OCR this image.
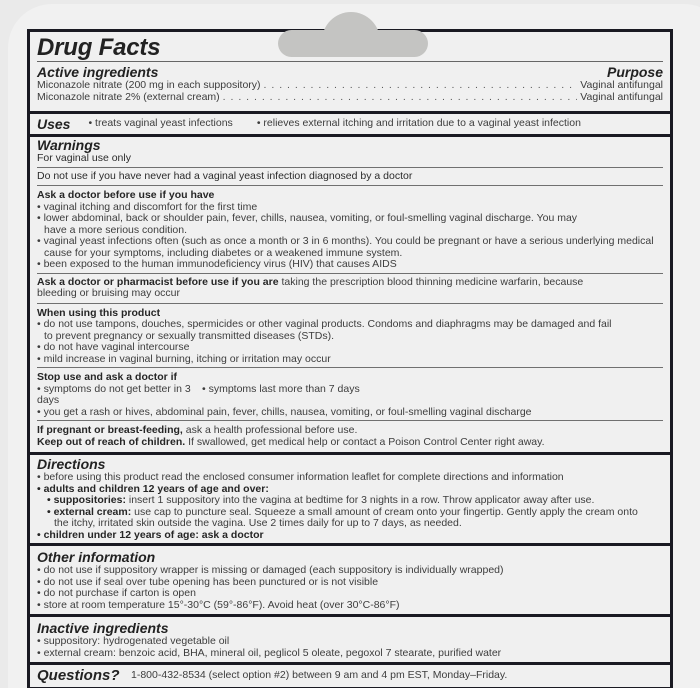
Drug Facts
Active ingredients	Purpose
Miconazole nitrate (200 mg in each suppository) . . .	Vaginal antifungal
Miconazole nitrate 2% (external cream) . . .	Vaginal antifungal
Uses • treats vaginal yeast infections • relieves external itching and irritation due to a vaginal yeast infection
Warnings
For vaginal use only
Do not use if you have never had a vaginal yeast infection diagnosed by a doctor
Ask a doctor before use if you have
• vaginal itching and discomfort for the first time
• lower abdominal, back or shoulder pain, fever, chills, nausea, vomiting, or foul-smelling vaginal discharge. You may have a more serious condition.
• vaginal yeast infections often (such as once a month or 3 in 6 months). You could be pregnant or have a serious underlying medical cause for your symptoms, including diabetes or a weakened immune system.
• been exposed to the human immunodeficiency virus (HIV) that causes AIDS
Ask a doctor or pharmacist before use if you are taking the prescription blood thinning medicine warfarin, because bleeding or bruising may occur
When using this product
• do not use tampons, douches, spermicides or other vaginal products. Condoms and diaphragms may be damaged and fail to prevent pregnancy or sexually transmitted diseases (STDs).
• do not have vaginal intercourse
• mild increase in vaginal burning, itching or irritation may occur
Stop use and ask a doctor if
• symptoms do not get better in 3 days
• symptoms last more than 7 days
• you get a rash or hives, abdominal pain, fever, chills, nausea, vomiting, or foul-smelling vaginal discharge
If pregnant or breast-feeding, ask a health professional before use.
Keep out of reach of children. If swallowed, get medical help or contact a Poison Control Center right away.
Directions
• before using this product read the enclosed consumer information leaflet for complete directions and information
• adults and children 12 years of age and over:
• suppositories: insert 1 suppository into the vagina at bedtime for 3 nights in a row. Throw applicator away after use.
• external cream: use cap to puncture seal. Squeeze a small amount of cream onto your fingertip. Gently apply the cream onto the itchy, irritated skin outside the vagina. Use 2 times daily for up to 7 days, as needed.
• children under 12 years of age: ask a doctor
Other information
• do not use if suppository wrapper is missing or damaged (each suppository is individually wrapped)
• do not use if seal over tube opening has been punctured or is not visible
• do not purchase if carton is open
• store at room temperature 15°-30°C (59°-86°F). Avoid heat (over 30°C-86°F)
Inactive ingredients
• suppository: hydrogenated vegetable oil
• external cream: benzoic acid, BHA, mineral oil, peglicol 5 oleate, pegoxol 7 stearate, purified water
Questions?	1-800-432-8534 (select option #2) between 9 am and 4 pm EST, Monday–Friday.
